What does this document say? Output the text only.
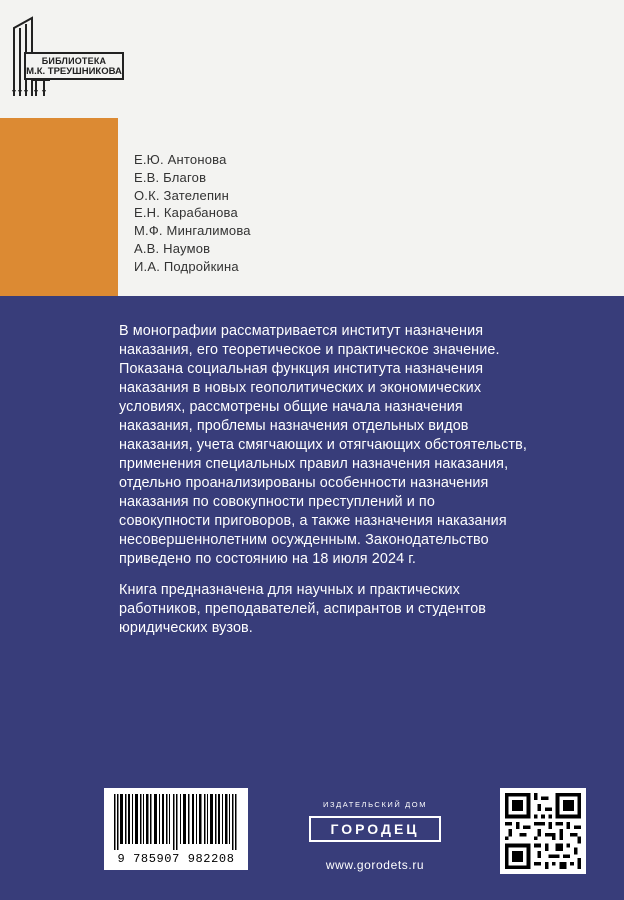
БИБЛИОТЕКА
М.К. ТРЕУШНИКОВА
Е.Ю. Антонова
Е.В. Благов
О.К. Зателепин
Е.Н. Карабанова
М.Ф. Мингалимова
А.В. Наумов
И.А. Подройкина

В монографии рассматривается институт назначения
наказания, его теоретическое и практическое значение.
Показана социальная функция института назначения
наказания в новых геополитических и экономических
условиях, рассмотрены общие начала назначения
наказания, проблемы назначения отдельных видов
наказания, учета смягчающих и отягчающих обстоятельств,
применения специальных правил назначения наказания,
отдельно проанализированы особенности назначения
наказания по совокупности преступлений и по
совокупности приговоров, а также назначения наказания
несовершеннолетним осужденным. Законодательство
приведено по состоянию на 18 июля 2024 г.

Книга предназначена для научных и практических
работников, преподавателей, аспирантов и студентов
юридических вузов.

9 785907 982208
ИЗДАТЕЛЬСКИЙ ДОМ
ГОРОДЕЦ
www.gorodets.ru
